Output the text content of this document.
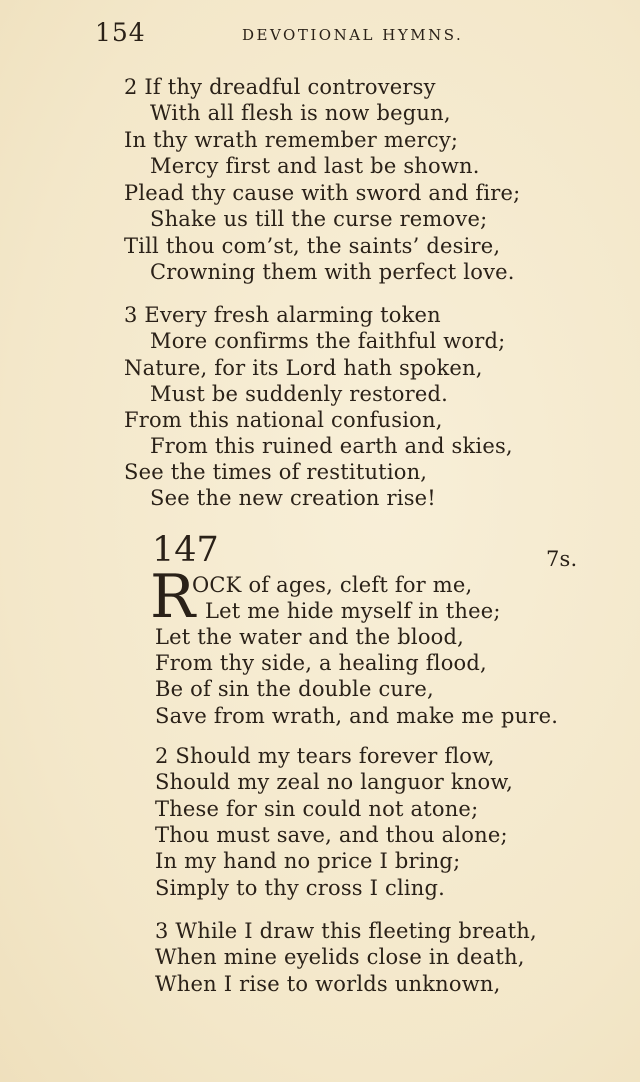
154	DEVOTIONAL HYMNS.
2 If thy dreadful controversy
With all flesh is now begun,
In thy wrath remember mercy;
Mercy first and last be shown.
Plead thy cause with sword and fire;
Shake us till the curse remove;
Till thou com’st, the saints’ desire,
Crowning them with perfect love.
3 Every fresh alarming token
More confirms the faithful word;
Nature, for its Lord hath spoken,
Must be suddenly restored.
From this national confusion,
From this ruined earth and skies,
See the times of restitution,
See the new creation rise!
147	7s.
R
OCK of ages, cleft for me,
Let me hide myself in thee;
Let the water and the blood,
From thy side, a healing flood,
Be of sin the double cure,
Save from wrath, and make me pure.
2 Should my tears forever flow,
Should my zeal no languor know,
These for sin could not atone;
Thou must save, and thou alone;
In my hand no price I bring;
Simply to thy cross I cling.
3 While I draw this fleeting breath,
When mine eyelids close in death,
When I rise to worlds unknown,
